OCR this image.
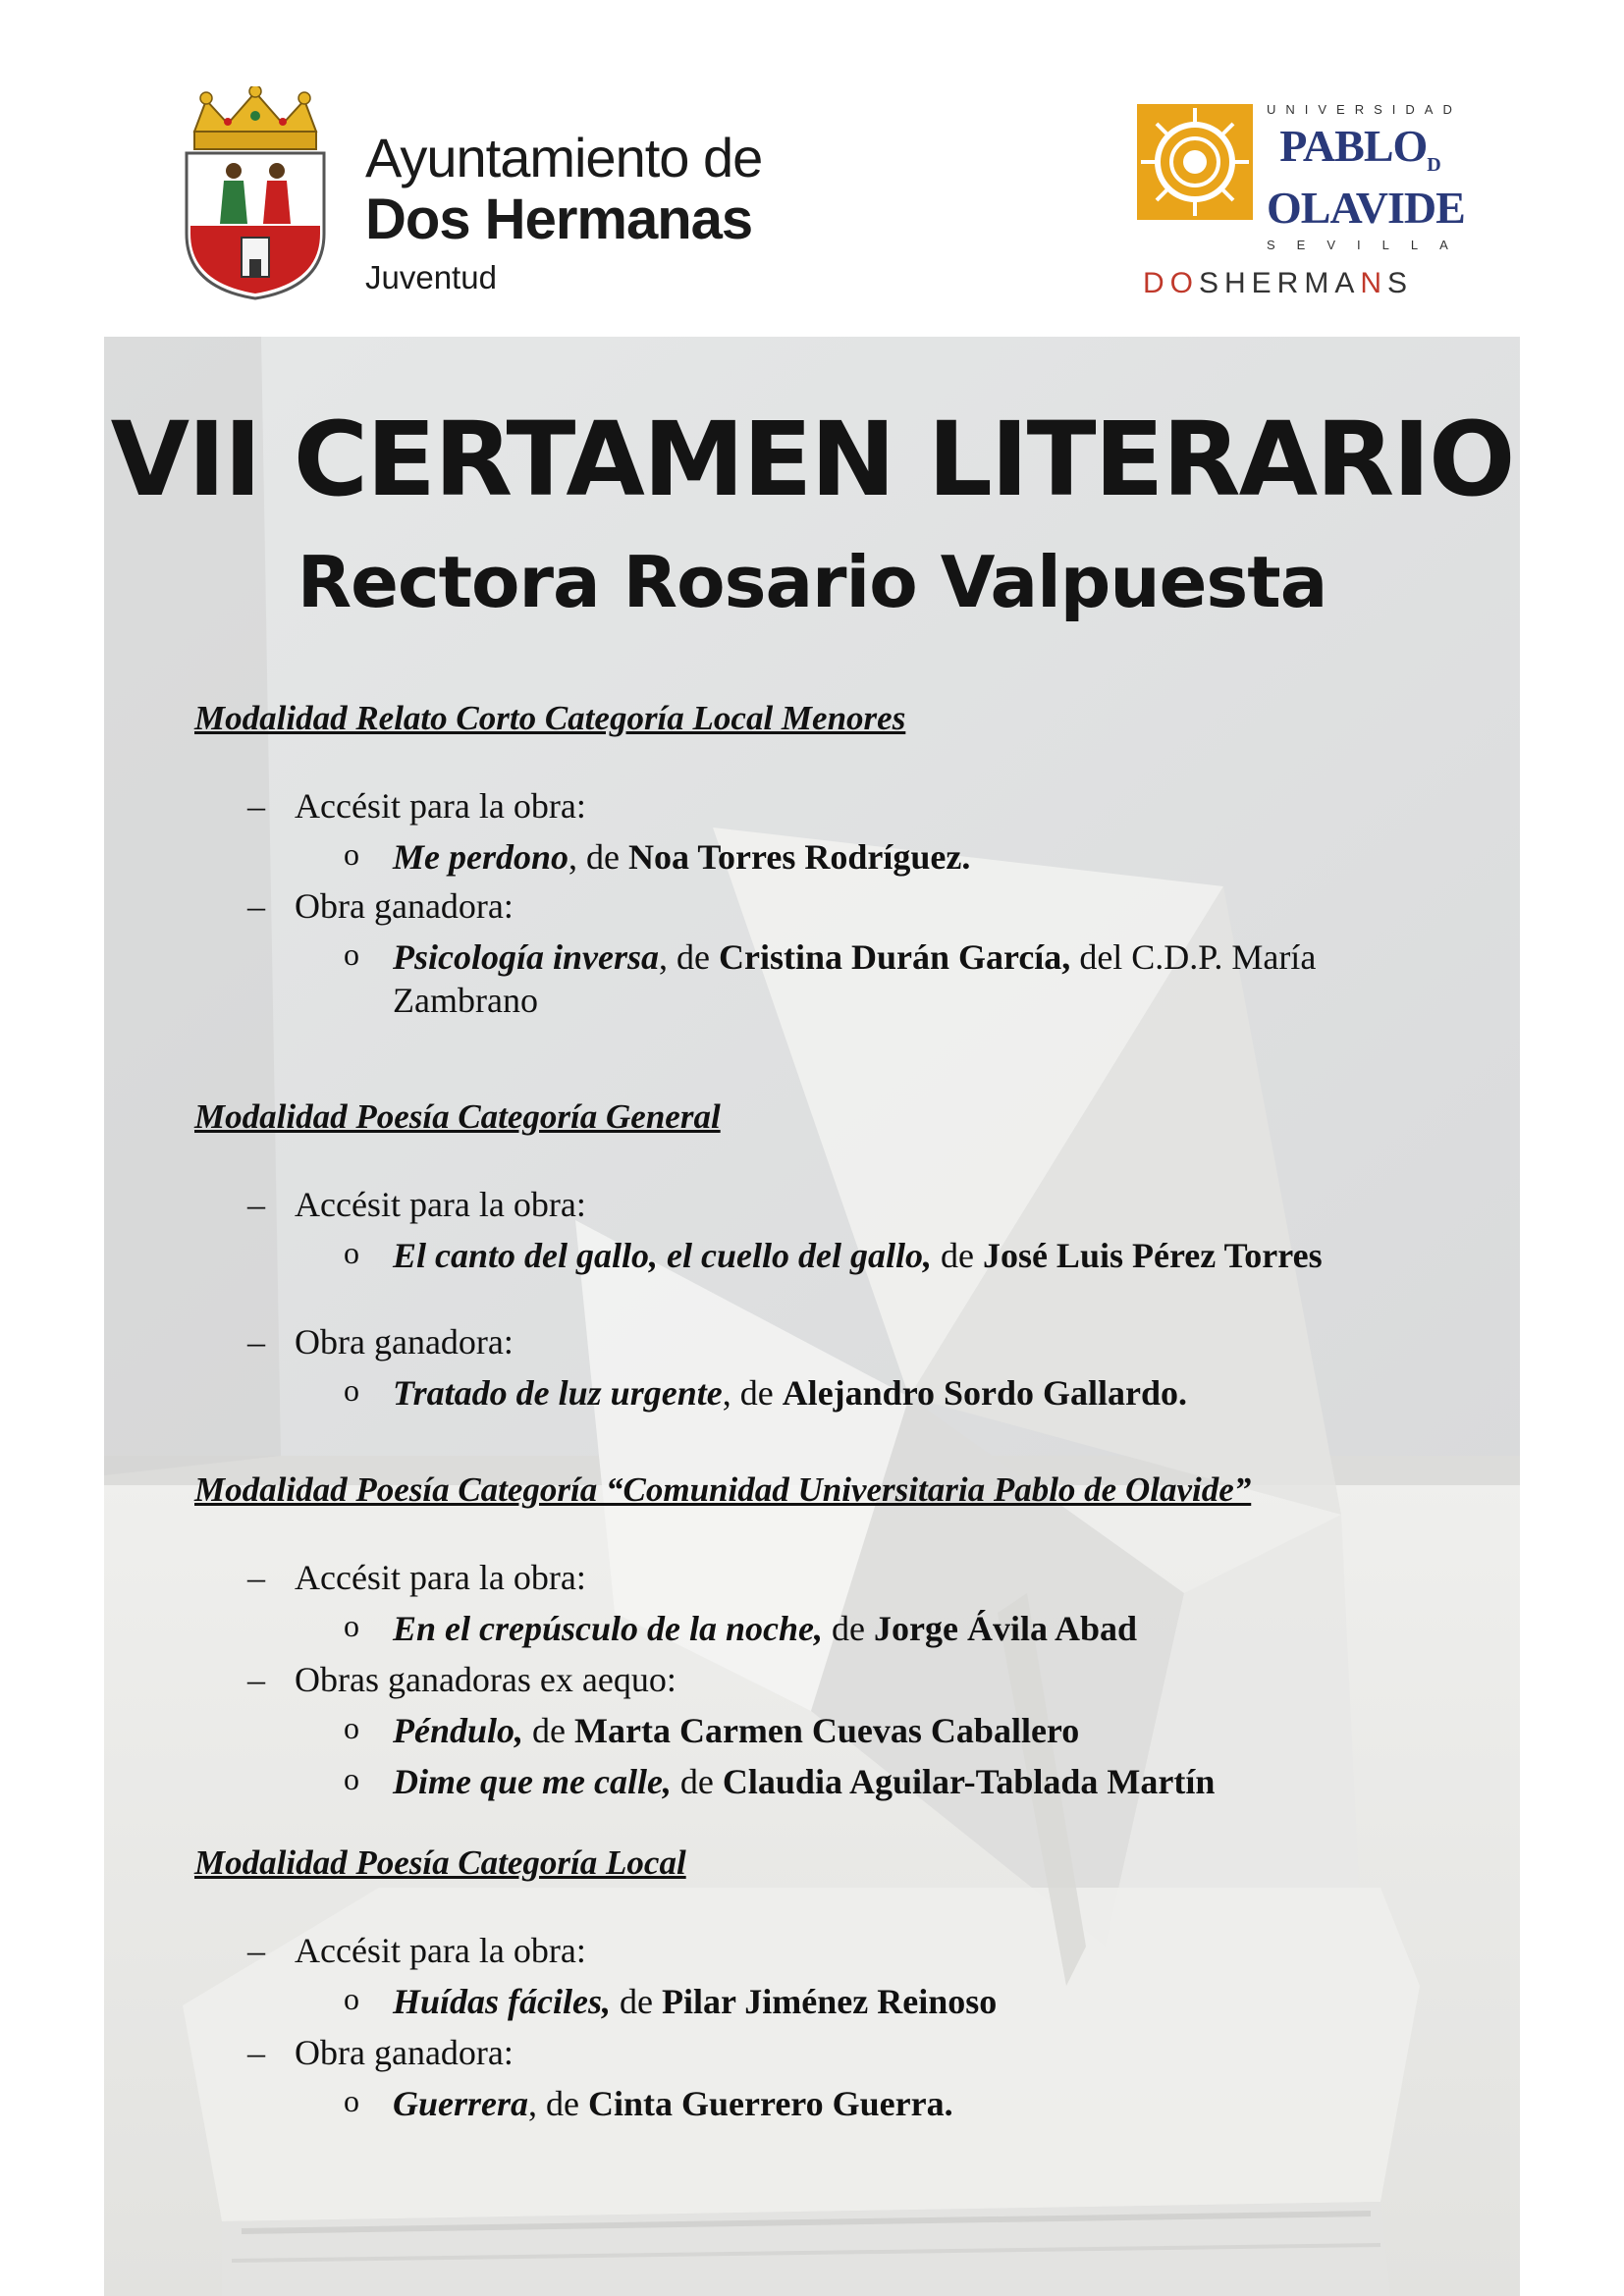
Ayuntamiento de
Dos Hermanas
Juventud
UNIVERSIDAD
$PABLO_D$
OLAVIDE
SEVILLA
DOSHERMANS
VII CERTAMEN LITERARIO
Rectora Rosario Valpuesta
Modalidad Relato Corto Categoría Local Menores
– Accésit para la obra:
o Me perdono, de Noa Torres Rodríguez.
– Obra ganadora:
o Psicología inversa, de Cristina Durán García, del C.D.P. María
Zambrano
Modalidad Poesía Categoría General
– Accésit para la obra:
o El canto del gallo, el cuello del gallo, de José Luis Pérez Torres
– Obra ganadora:
o Tratado de luz urgente, de Alejandro Sordo Gallardo.
Modalidad Poesía Categoría “Comunidad Universitaria Pablo de Olavide”
– Accésit para la obra:
o En el crepúsculo de la noche, de Jorge Ávila Abad
– Obras ganadoras ex aequo:
o Péndulo, de Marta Carmen Cuevas Caballero
o Dime que me calle, de Claudia Aguilar-Tablada Martín
Modalidad Poesía Categoría Local
– Accésit para la obra:
o Huídas fáciles, de Pilar Jiménez Reinoso
– Obra ganadora:
o Guerrera, de Cinta Guerrero Guerra.
